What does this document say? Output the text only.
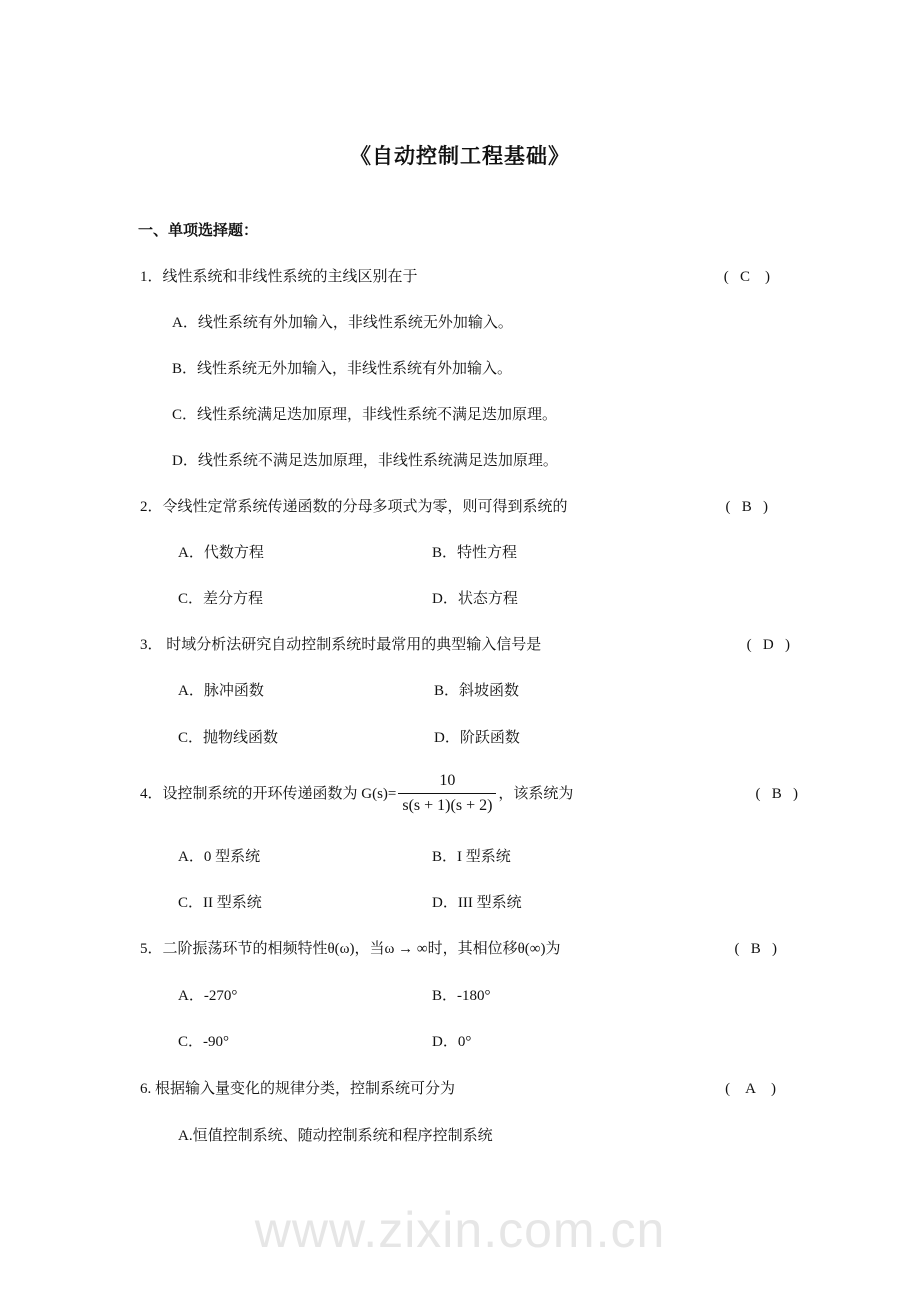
www.zixin.com.cn
《自动控制工程基础》
一、单项选择题：
1．线性系统和非线性系统的主线区别在于	(   C    )
A．线性系统有外加输入，非线性系统无外加输入。
B．线性系统无外加输入，非线性系统有外加输入。
C．线性系统满足迭加原理，非线性系统不满足迭加原理。
D．线性系统不满足迭加原理，非线性系统满足迭加原理。
2．令线性定常系统传递函数的分母多项式为零，则可得到系统的	(   B   )
A．代数方程	B．特性方程
C．差分方程	D．状态方程
3． 时域分析法研究自动控制系统时最常用的典型输入信号是	(   D   )
A．脉冲函数	B．斜坡函数
C．抛物线函数	D．阶跃函数
4．设控制系统的开环传递函数为 $G(s)= \frac{10}{s(s + 1)(s + 2)}$ ，该系统为	(   B   )
A．0 型系统	B．I 型系统
C．II 型系统	D．III 型系统
5．二阶振荡环节的相频特性θ(ω)，当ω → ∞时，其相位移θ(∞)为	(   B   )
A．-270°	B．-180°
C．-90°	D．0°
6. 根据输入量变化的规律分类，控制系统可分为	(    A    )
A.恒值控制系统、随动控制系统和程序控制系统
